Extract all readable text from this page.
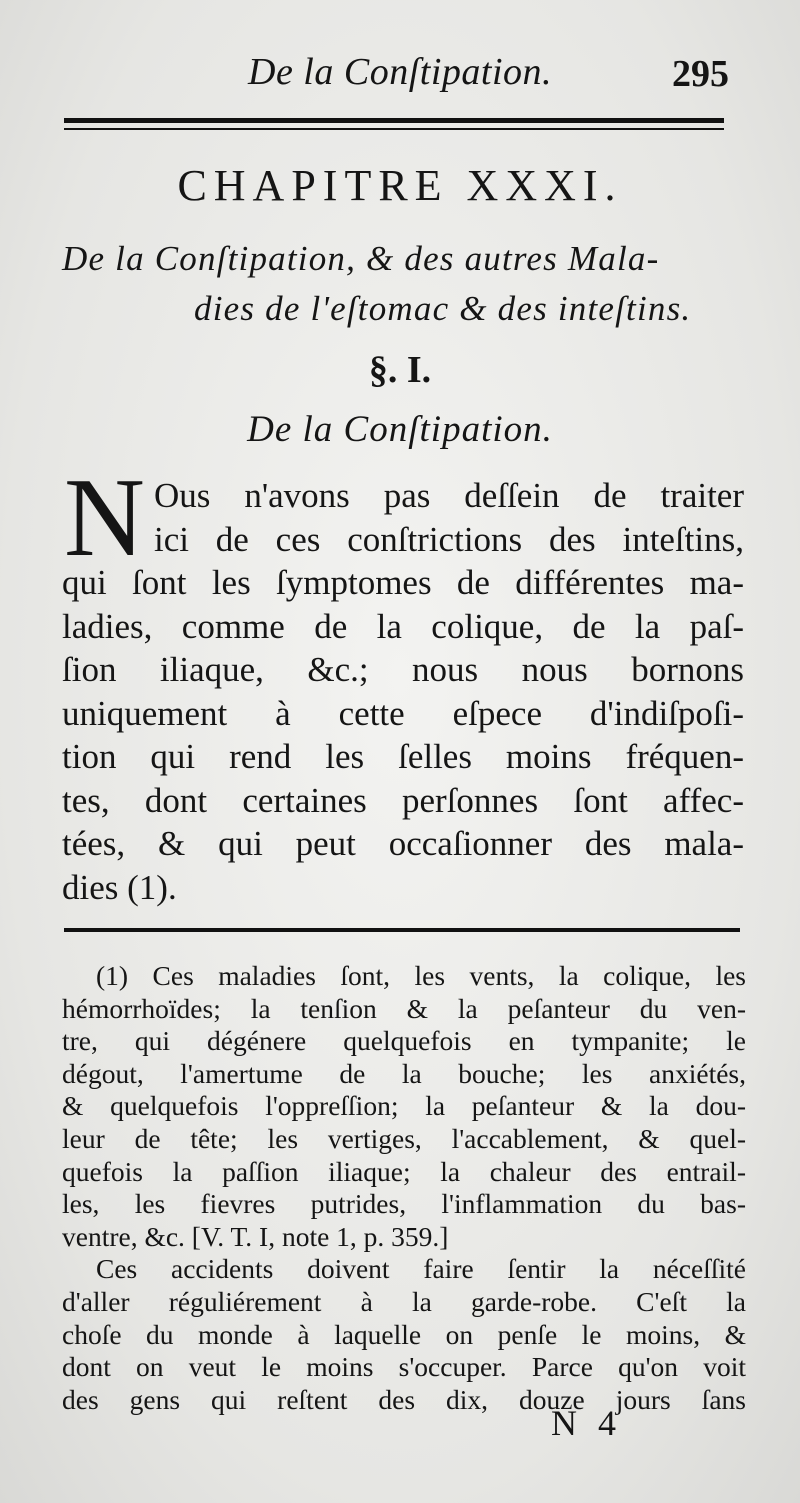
De la Conſtipation.	295
CHAPITRE XXXI.
De la Conſtipation, & des autres Mala-
dies de l'eſtomac & des inteſtins.
§. I.
De la Conſtipation.
N Ous n'avons pas deſſein de traiter
ici de ces conſtrictions des inteſtins,
qui ſont les ſymptomes de différentes ma-
ladies, comme de la colique, de la paſ-
ſion iliaque, &c.; nous nous bornons
uniquement à cette eſpece d'indiſpoſi-
tion qui rend les ſelles moins fréquen-
tes, dont certaines perſonnes ſont affec-
tées, & qui peut occaſionner des mala-
dies (1).
(1) Ces maladies ſont, les vents, la colique, les
hémorrhoïdes; la tenſion & la peſanteur du ven-
tre, qui dégénere quelquefois en tympanite; le
dégout, l'amertume de la bouche; les anxiétés,
& quelquefois l'oppreſſion; la peſanteur & la dou-
leur de tête; les vertiges, l'accablement, & quel-
quefois la paſſion iliaque; la chaleur des entrail-
les, les fievres putrides, l'inflammation du bas-
ventre, &c. [V. T. I, note 1, p. 359.]
Ces accidents doivent faire ſentir la néceſſité
d'aller réguliérement à la garde-robe. C'eſt la
choſe du monde à laquelle on penſe le moins, &
dont on veut le moins s'occuper. Parce qu'on voit
des gens qui reſtent des dix, douze jours ſans
N 4
